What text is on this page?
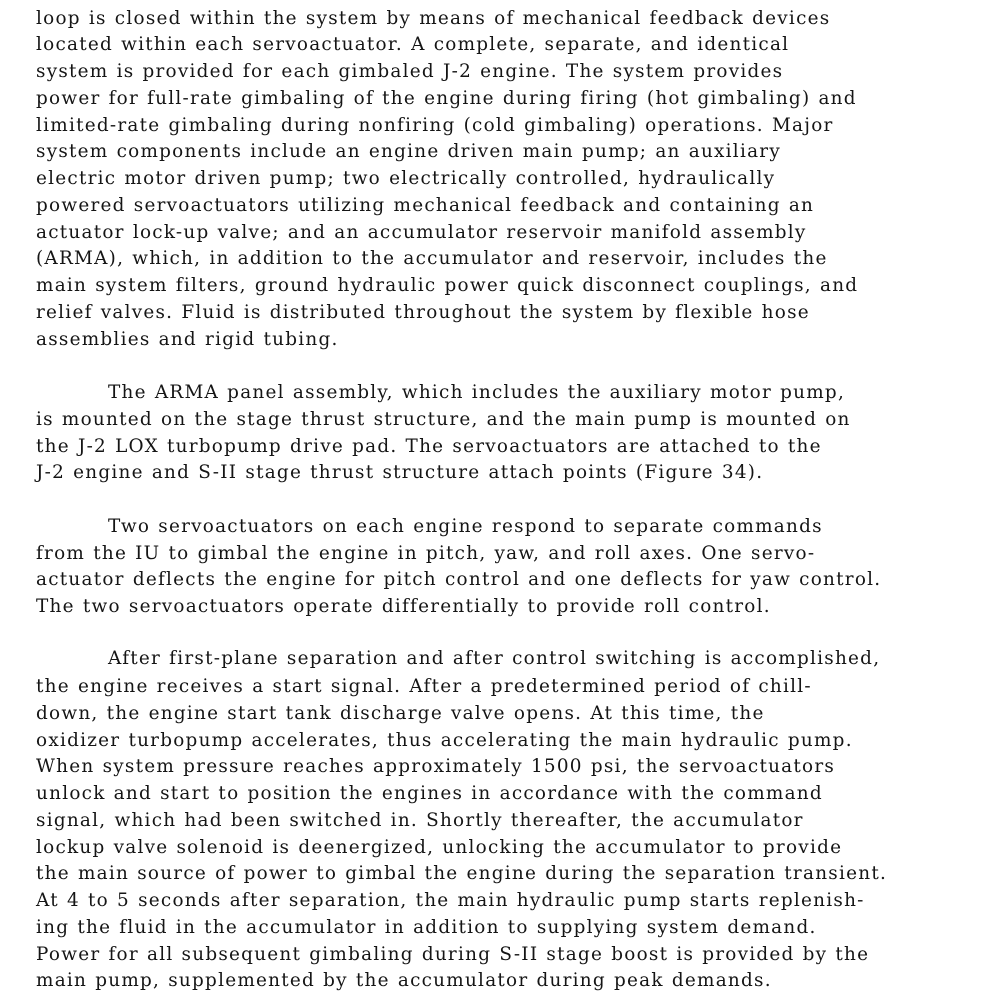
loop is closed within the system by means of mechanical feedback devices
located within each servoactuator. A complete, separate, and identical
system is provided for each gimbaled J-2 engine. The system provides
power for full-rate gimbaling of the engine during firing (hot gimbaling) and
limited-rate gimbaling during nonfiring (cold gimbaling) operations. Major
system components include an engine driven main pump; an auxiliary
electric motor driven pump; two electrically controlled, hydraulically
powered servoactuators utilizing mechanical feedback and containing an
actuator lock-up valve; and an accumulator reservoir manifold assembly
(ARMA), which, in addition to the accumulator and reservoir, includes the
main system filters, ground hydraulic power quick disconnect couplings, and
relief valves. Fluid is distributed throughout the system by flexible hose
assemblies and rigid tubing.
The ARMA panel assembly, which includes the auxiliary motor pump,
is mounted on the stage thrust structure, and the main pump is mounted on
the J-2 LOX turbopump drive pad. The servoactuators are attached to the
J-2 engine and S-II stage thrust structure attach points (Figure 34).
Two servoactuators on each engine respond to separate commands
from the IU to gimbal the engine in pitch, yaw, and roll axes. One servo-
actuator deflects the engine for pitch control and one deflects for yaw control.
The two servoactuators operate differentially to provide roll control.
After first-plane separation and after control switching is accomplished,
the engine receives a start signal. After a predetermined period of chill-
down, the engine start tank discharge valve opens. At this time, the
oxidizer turbopump accelerates, thus accelerating the main hydraulic pump.
When system pressure reaches approximately 1500 psi, the servoactuators
unlock and start to position the engines in accordance with the command
signal, which had been switched in. Shortly thereafter, the accumulator
lockup valve solenoid is deenergized, unlocking the accumulator to provide
the main source of power to gimbal the engine during the separation transient.
At 4 to 5 seconds after separation, the main hydraulic pump starts replenish-
ing the fluid in the accumulator in addition to supplying system demand.
Power for all subsequent gimbaling during S-II stage boost is provided by the
main pump, supplemented by the accumulator during peak demands.
